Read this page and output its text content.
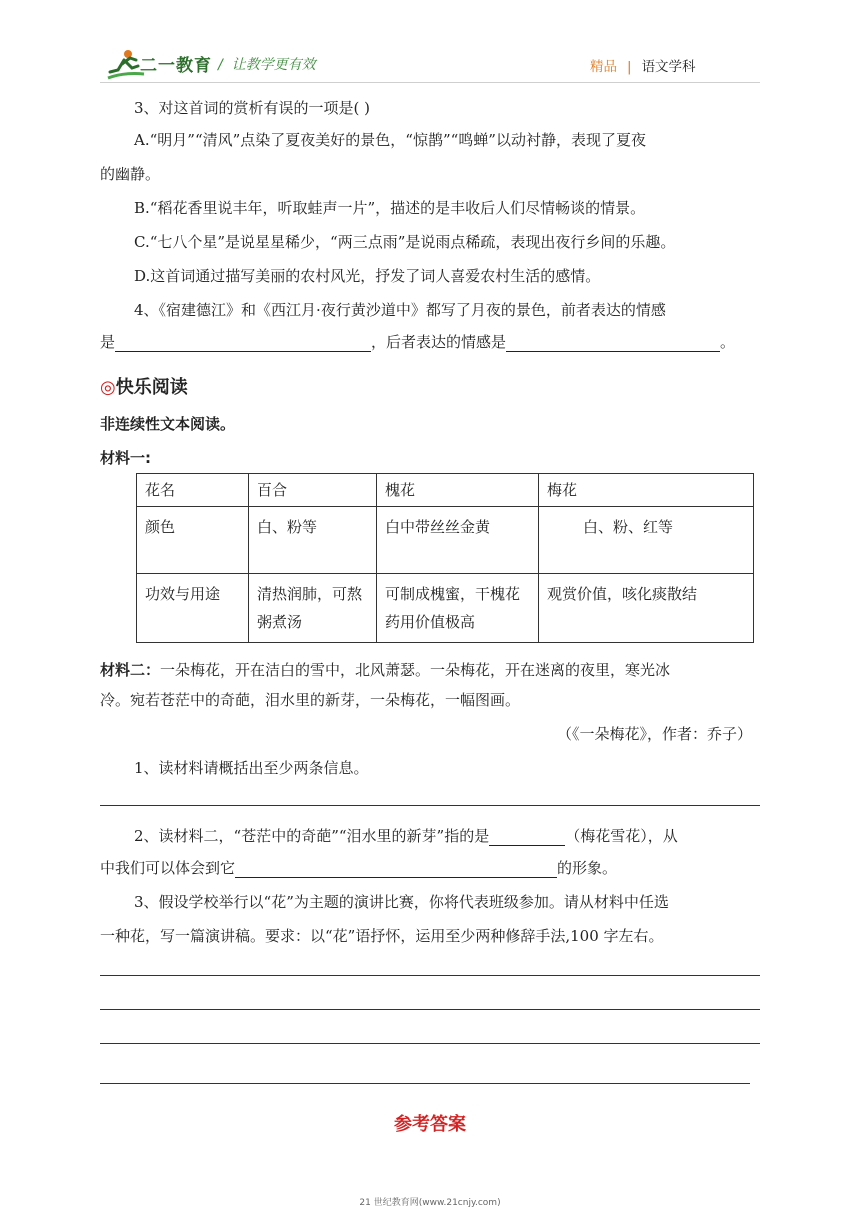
二一教育 /  让教学更有效	精品 | 语文学科
3、对这首词的赏析有误的一项是( )
A.“明月”“清风”点染了夏夜美好的景色，“惊鹊”“鸣蝉”以动衬静，表现了夏夜
的幽静。
B.“稻花香里说丰年，听取蛙声一片”，描述的是丰收后人们尽情畅谈的情景。
C.“七八个星”是说星星稀少，“两三点雨”是说雨点稀疏，表现出夜行乡间的乐趣。
D.这首词通过描写美丽的农村风光，抒发了词人喜爱农村生活的感情。
4、《宿建德江》和《西江月·夜行黄沙道中》都写了月夜的景色，前者表达的情感
是	，后者表达的情感是	。
◎快乐阅读
非连续性文本阅读。
材料一:
花名	百合	槐花	梅花
颜色	白、粉等	白中带丝丝金黄	白、粉、红等
功效与用途	清热润肺，可熬粥煮汤	可制成槐蜜，干槐花药用价值极高	观赏价值，咳化痰散结
材料二：一朵梅花，开在洁白的雪中，北风萧瑟。一朵梅花，开在迷离的夜里，寒光冰
冷。宛若苍茫中的奇葩，泪水里的新芽，一朵梅花，一幅图画。
（《一朵梅花》，作者：乔子）
1、读材料请概括出至少两条信息。
2、读材料二，“苍茫中的奇葩”“泪水里的新芽”指的是	（梅花雪花），从
中我们可以体会到它	的形象。
3、假设学校举行以“花”为主题的演讲比赛，你将代表班级参加。请从材料中任选
一种花，写一篇演讲稿。要求：以“花”语抒怀，运用至少两种修辞手法,100 字左右。
参考答案
21 世纪教育网(www.21cnjy.com)
